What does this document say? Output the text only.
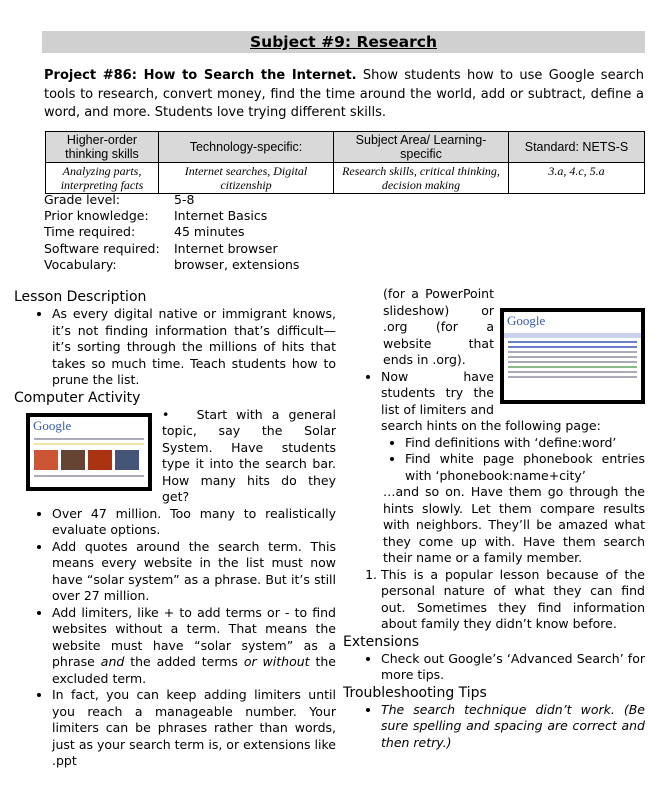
Subject #9: Research
Project #86: How to Search the Internet. Show students how to use Google search tools to research, convert money, find the time around the world, add or subtract, define a word, and more. Students love trying different skills.
Higher-order thinking skills	Technology-specific:	Subject Area/ Learning-specific	Standard: NETS-S
Analyzing parts, interpreting facts	Internet searches, Digital citizenship	Research skills, critical thinking, decision making	3.a, 4.c, 5.a
Grade level:	5-8
Prior knowledge:	Internet Basics
Time required:	45 minutes
Software required:	Internet browser
Vocabulary:	browser, extensions
Lesson Description
• As every digital native or immigrant knows, it’s not finding information that’s difficult—it’s sorting through the millions of hits that takes so much time. Teach students how to prune the list.
Computer Activity
Google
•   Start with a general topic, say the Solar System. Have students type it into the search bar. How many hits do they get?
• Over 47 million. Too many to realistically evaluate options.
• Add quotes around the search term. This means every website in the list must now have “solar system” as a phrase. But it’s still over 27 million.
• Add limiters, like + to add terms or - to find websites without a term. That means the website must have “solar system” as a phrase and the added terms or without the excluded term.
• In fact, you can keep adding limiters until you reach a manageable number. Your limiters can be phrases rather than words, just as your search term is, or extensions like .ppt
Google

(for a PowerPoint slideshow) or .org (for a website that ends in .org).

• Now have students try the list of limiters and search hints on the following page:
• Find definitions with ‘define:word’
• Find white page phonebook entries with ‘phonebook:name+city’

…and so on. Have them go through the hints slowly. Let them compare results with neighbors. They’ll be amazed what they come up with. Have them search their name or a family member.

1. This is a popular lesson because of the personal nature of what they can find out. Sometimes they find information about family they didn’t know before.
Extensions
• Check out Google’s ‘Advanced Search’ for more tips.
Troubleshooting Tips
• The search technique didn’t work. (Be sure spelling and spacing are correct and then retry.)
